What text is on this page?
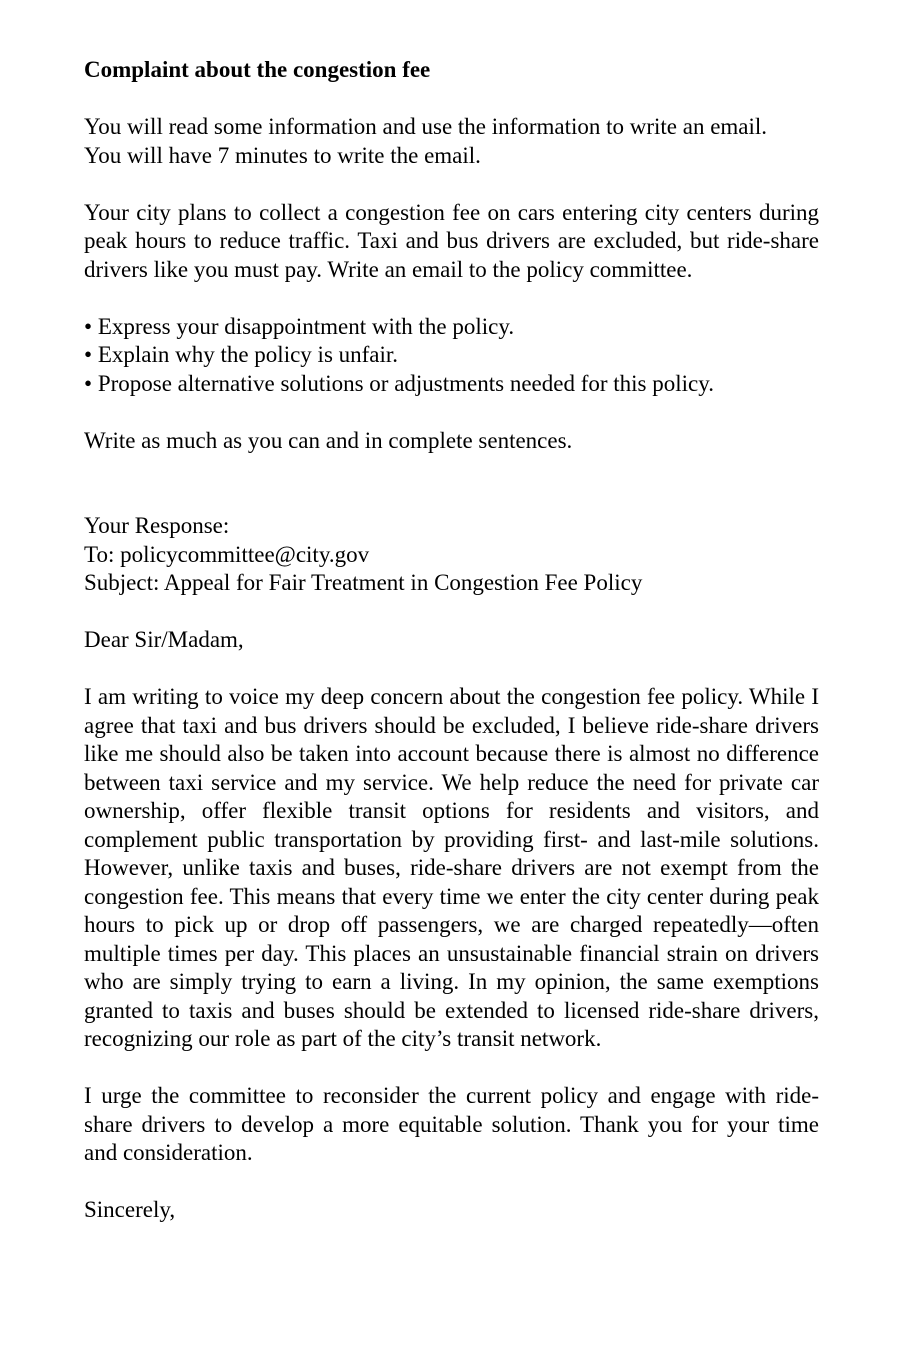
Complaint about the congestion fee
You will read some information and use the information to write an email.
You will have 7 minutes to write the email.
Your city plans to collect a congestion fee on cars entering city centers during peak hours to reduce traffic. Taxi and bus drivers are excluded, but ride-share drivers like you must pay. Write an email to the policy committee.
• Express your disappointment with the policy.
• Explain why the policy is unfair.
• Propose alternative solutions or adjustments needed for this policy.
Write as much as you can and in complete sentences.
Your Response:
To: policycommittee@city.gov
Subject: Appeal for Fair Treatment in Congestion Fee Policy
Dear Sir/Madam,
I am writing to voice my deep concern about the congestion fee policy. While I agree that taxi and bus drivers should be excluded, I believe ride-share drivers like me should also be taken into account because there is almost no difference between taxi service and my service. We help reduce the need for private car ownership, offer flexible transit options for residents and visitors, and complement public transportation by providing first- and last-mile solutions. However, unlike taxis and buses, ride-share drivers are not exempt from the congestion fee. This means that every time we enter the city center during peak hours to pick up or drop off passengers, we are charged repeatedly—often multiple times per day. This places an unsustainable financial strain on drivers who are simply trying to earn a living. In my opinion, the same exemptions granted to taxis and buses should be extended to licensed ride-share drivers, recognizing our role as part of the city’s transit network.
I urge the committee to reconsider the current policy and engage with ride-share drivers to develop a more equitable solution. Thank you for your time and consideration.
Sincerely,
